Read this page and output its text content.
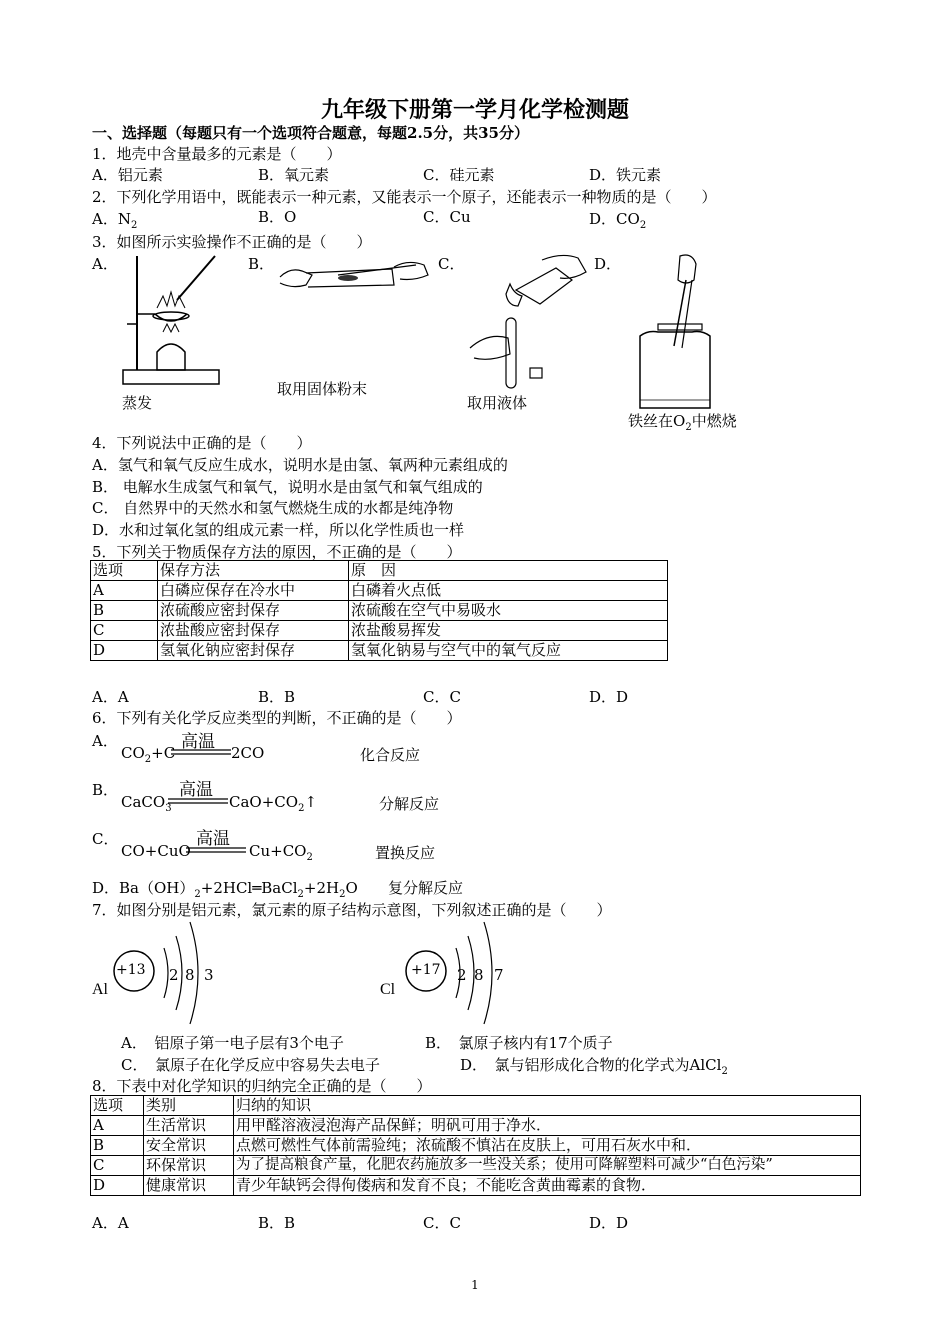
九年级下册第一学月化学检测题
一、选择题（每题只有一个选项符合题意，每题2.5分，共35分）
1．地壳中含量最多的元素是（　　）
A．铝元素	B．氧元素	C．硅元素	D．铁元素
2．下列化学用语中，既能表示一种元素，又能表示一个原子，还能表示一种物质的是（　　）
A．$N_2$	B．O	C．Cu	D．$CO_2$
3．如图所示实验操作不正确的是（　　）
A．	B．	C．	D．
蒸发
取用固体粉末
取用液体
铁丝在$O_2$中燃烧
4．下列说法中正确的是（　　）
A．氢气和氧气反应生成水，说明水是由氢、氧两种元素组成的
B． 电解水生成氢气和氧气，说明水是由氢气和氧气组成的
C． 自然界中的天然水和氢气燃烧生成的水都是纯净物
D．水和过氧化氢的组成元素一样，所以化学性质也一样
5．下列关于物质保存方法的原因，不正确的是（　　）
选项	保存方法	原　因
A	白磷应保存在冷水中	白磷着火点低
B	浓硫酸应密封保存	浓硫酸在空气中易吸水
C	浓盐酸应密封保存	浓盐酸易挥发
D	氢氧化钠应密封保存	氢氧化钠易与空气中的氧气反应
A．A	B．B	C．C	D．D
6．下列有关化学反应类型的判断，不正确的是（　　）
A．
$CO_2+C$
高温
2CO	化合反应
B．
CaCO$_3$
高温
$CaO+CO_2↑$	分解反应
C．
CO+CuO
高温
$Cu+CO_2$	置换反应
D．$Ba(OH)_2+2HCl═BaCl_2+2H_2O$ 复分解反应
7．如图分别是铝元素，氯元素的原子结构示意图，下列叙述正确的是（　　）
Al
+13 2 8 3
Cl
+17 2 8 7
A．　铝原子第一电子层有3个电子	B．　氯原子核内有17个质子
C．　氯原子在化学反应中容易失去电子	D．　氯与铝形成化合物的化学式为AlCl$_2$
8．下表中对化学知识的归纳完全正确的是（　　）
选项	类别	归纳的知识
A	生活常识	用甲醛溶液浸泡海产品保鲜；明矾可用于净水．
B	安全常识	点燃可燃性气体前需验纯；浓硫酸不慎沾在皮肤上，可用石灰水中和．
C	环保常识	为了提高粮食产量，化肥农药施放多一些没关系；使用可降解塑料可减少“白色污染”
D	健康常识	青少年缺钙会得佝偻病和发育不良；不能吃含黄曲霉素的食物．
A．A	B．B	C．C	D．D
1
